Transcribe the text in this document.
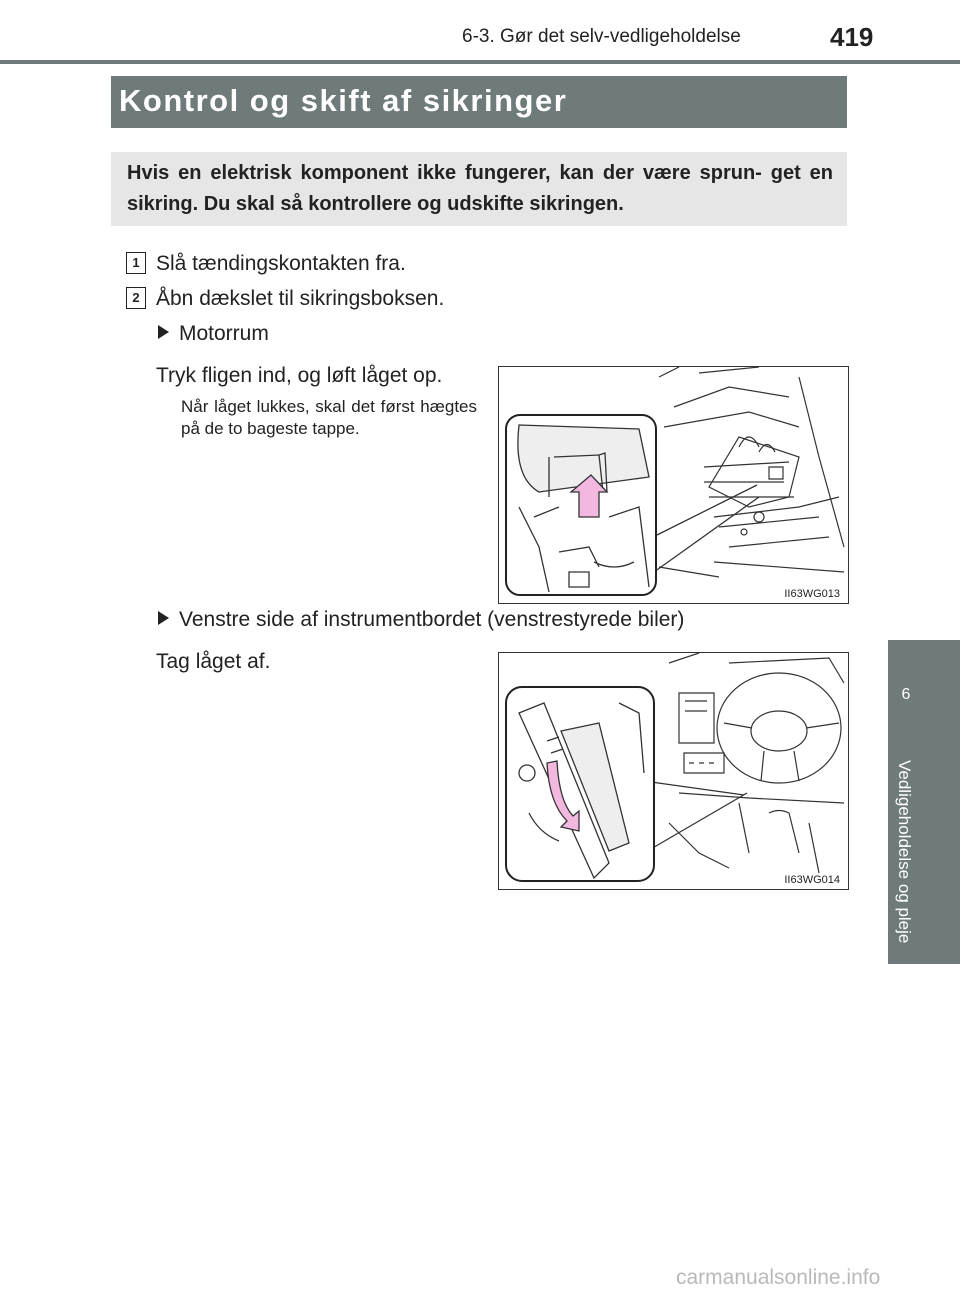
6-3. Gør det selv-vedligeholdelse	419
Kontrol og skift af sikringer

Hvis en elektrisk komponent ikke fungerer, kan der være sprun- get en sikring. Du skal så kontrollere og udskifte sikringen.

1 Slå tændingskontakten fra.
2 Åbn dækslet til sikringsboksen.
Motorrum
Tryk fligen ind, og løft låget op.
Når låget lukkes, skal det først hægtes på de to bageste tappe.
II63WG013
Venstre side af instrumentbordet (venstrestyrede biler)
Tag låget af.
II63WG014
6
Vedligeholdelse og pleje
carmanualsonline.info
